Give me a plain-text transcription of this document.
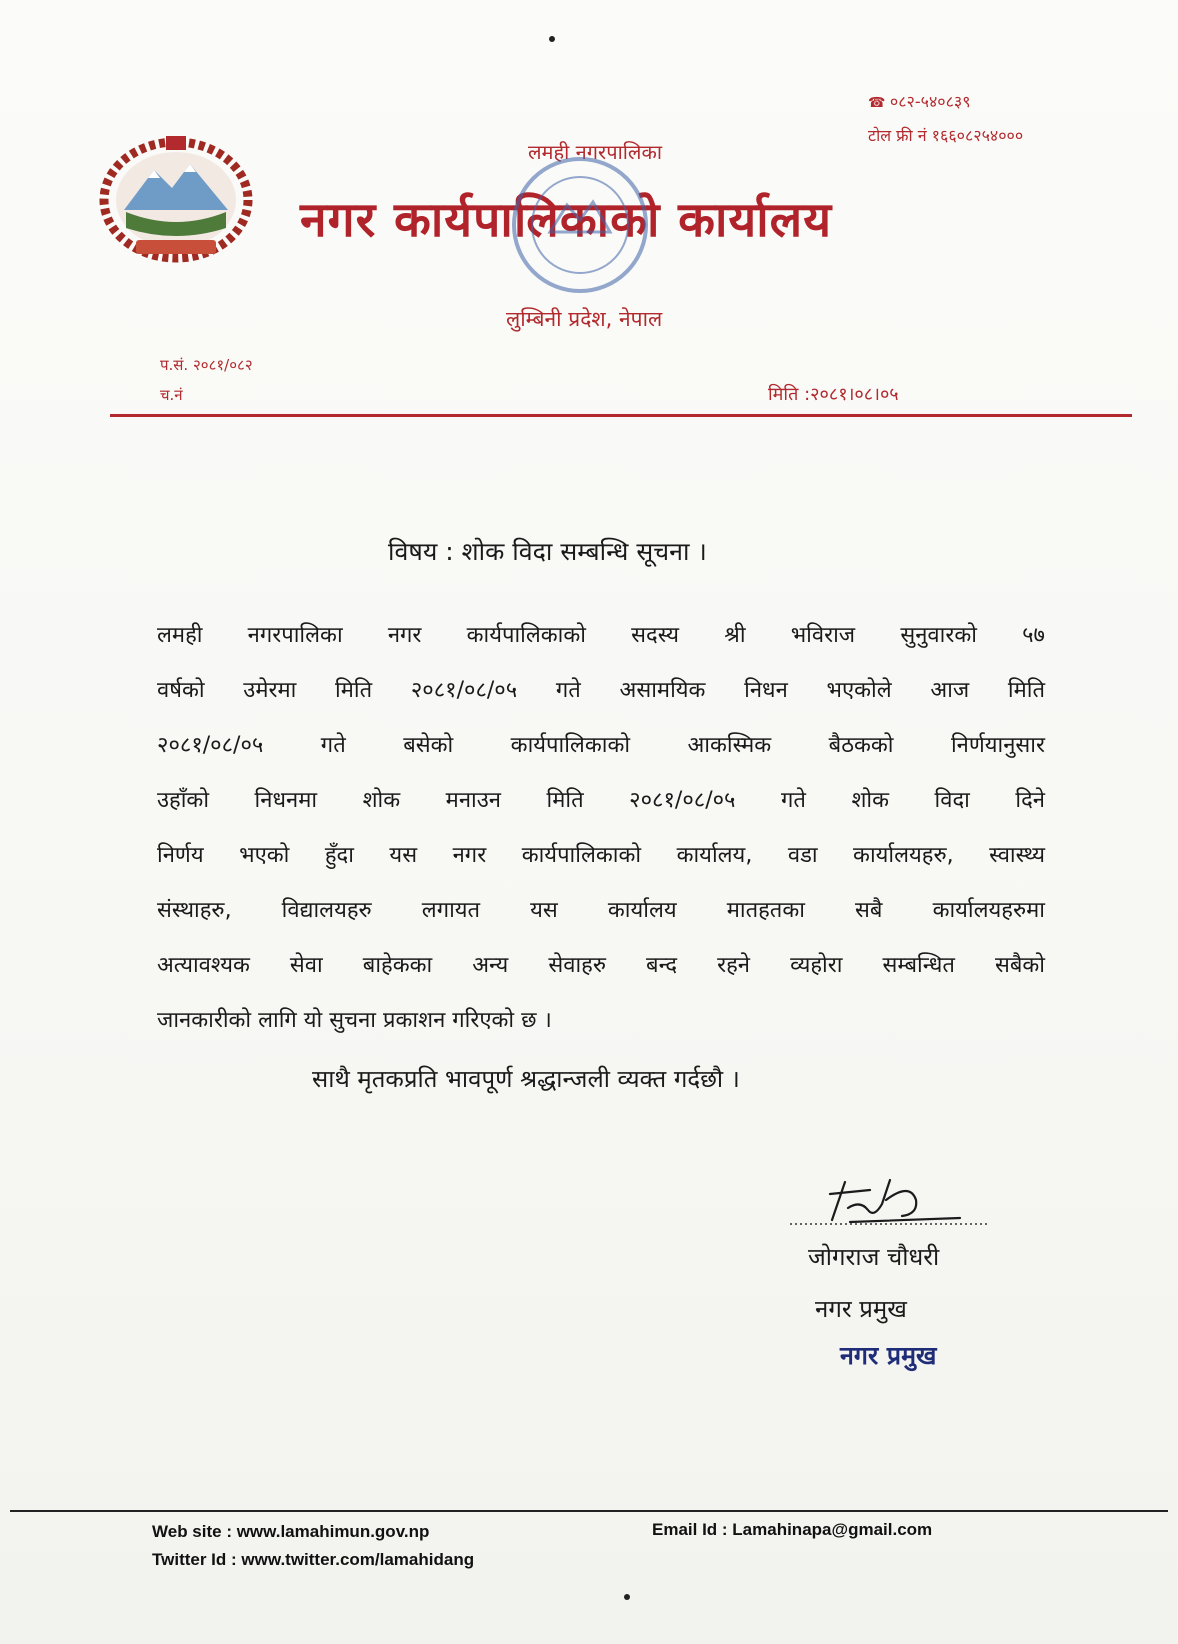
☎ ०८२-५४०८३९
टोल फ्री नं १६६०८२५४०००
लमही नगरपालिका
नगर कार्यपालिकाको कार्यालय
लुम्बिनी प्रदेश, नेपाल
प.सं. २०८१/०८२
च.नं	मिति :२०८१।०८।०५
विषय : शोक विदा सम्बन्धि सूचना ।
लमही नगरपालिका नगर कार्यपालिकाको सदस्य श्री भविराज सुनुवारको ५७
वर्षको उमेरमा मिति २०८१/०८/०५ गते असामयिक निधन भएकोले आज मिति
२०८१/०८/०५ गते बसेको कार्यपालिकाको आकस्मिक बैठकको निर्णयानुसार
उहाँको निधनमा शोक मनाउन मिति २०८१/०८/०५ गते शोक विदा दिने
निर्णय भएको हुँदा यस नगर कार्यपालिकाको कार्यालय, वडा कार्यालयहरु, स्वास्थ्य
संस्थाहरु, विद्यालयहरु लगायत यस कार्यालय मातहतका सबै कार्यालयहरुमा
अत्यावश्यक सेवा बाहेकका अन्य सेवाहरु बन्द रहने व्यहोरा सम्बन्धित सबैको
जानकारीको लागि यो सुचना प्रकाशन गरिएको छ ।
साथै मृतकप्रति भावपूर्ण श्रद्धान्जली व्यक्त गर्दछौ ।
जोगराज चौधरी
नगर प्रमुख
नगर प्रमुख
Web site : www.lamahimun.gov.np
Twitter Id : www.twitter.com/lamahidang
Email Id : Lamahinapa@gmail.com
